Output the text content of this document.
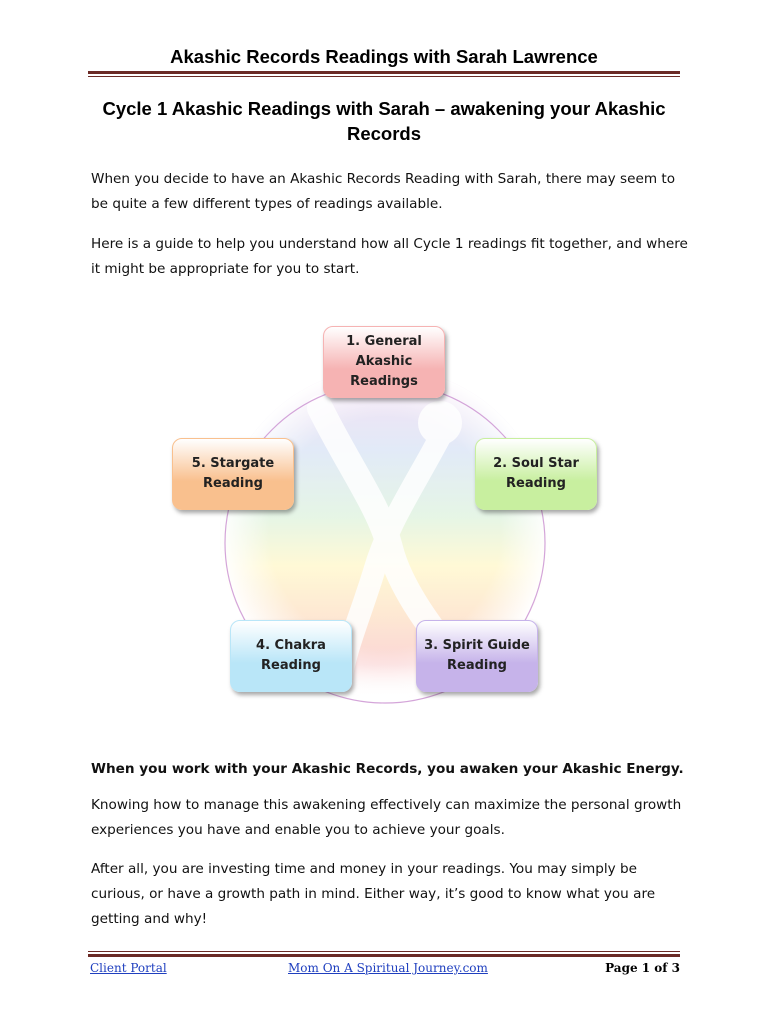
Akashic Records Readings with Sarah Lawrence
Cycle 1 Akashic Readings with Sarah – awakening your Akashic Records
When you decide to have an Akashic Records Reading with Sarah, there may seem to be quite a few different types of readings available.
Here is a guide to help you understand how all Cycle 1 readings fit together, and where it might be appropriate for you to start.
1. General Akashic Readings
2. Soul Star Reading
3. Spirit Guide Reading
4. Chakra Reading
5. Stargate Reading
When you work with your Akashic Records, you awaken your Akashic Energy.
Knowing how to manage this awakening effectively can maximize the personal growth experiences you have and enable you to achieve your goals.
After all, you are investing time and money in your readings. You may simply be curious, or have a growth path in mind. Either way, it’s good to know what you are getting and why!
Client Portal	Mom On A Spiritual Journey.com	Page 1 of 3
